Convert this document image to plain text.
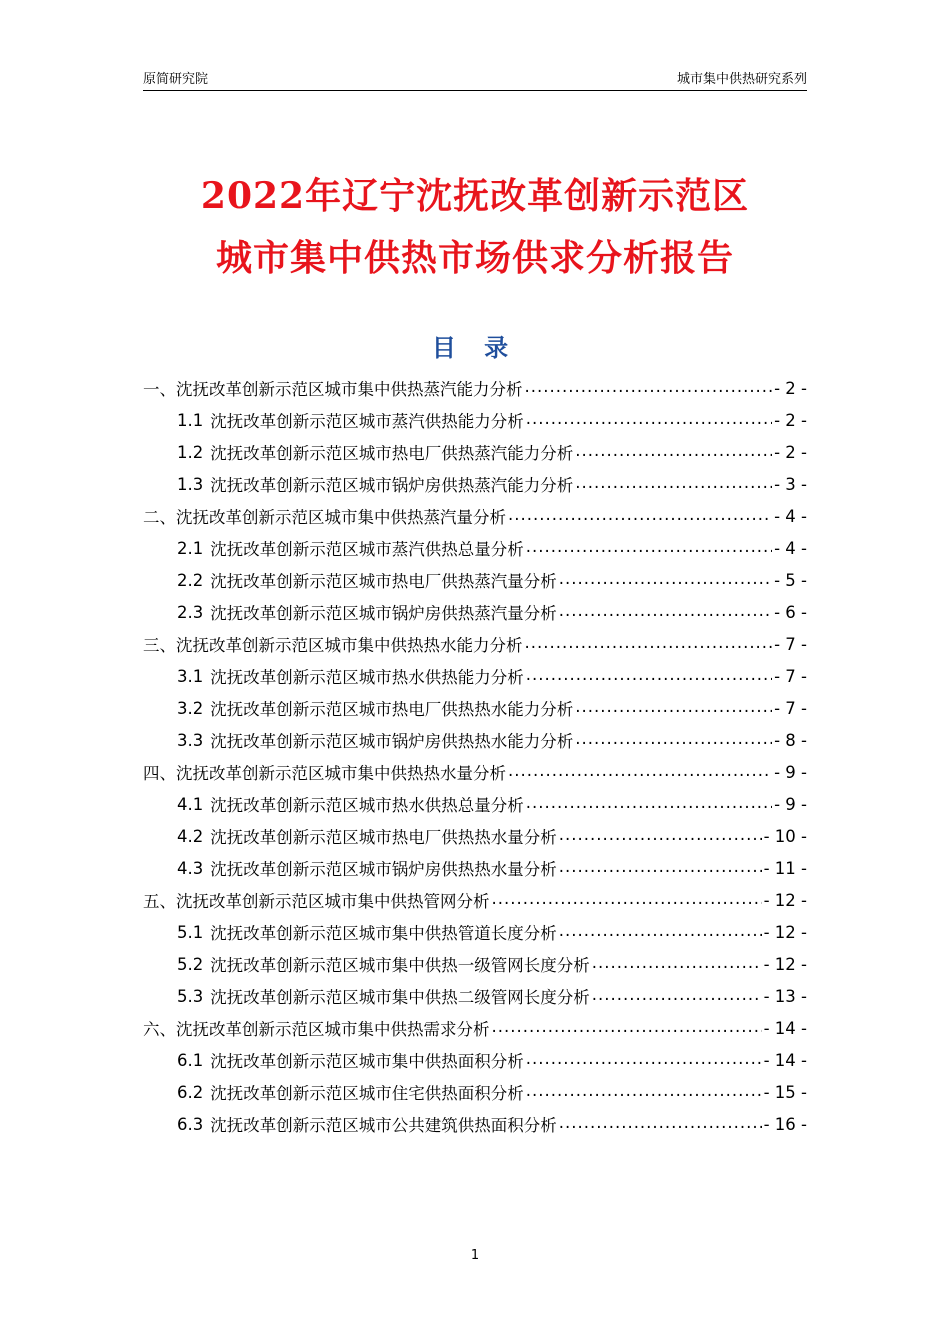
原简研究院	城市集中供热研究系列
2022年辽宁沈抚改革创新示范区
城市集中供热市场供求分析报告
目 录
一、 沈抚改革创新示范区城市集中供热蒸汽能力分析 .....	- 2 -
1.1 沈抚改革创新示范区城市蒸汽供热能力分析 .....	- 2 -
1.2 沈抚改革创新示范区城市热电厂供热蒸汽能力分析 .....	- 2 -
1.3 沈抚改革创新示范区城市锅炉房供热蒸汽能力分析 .....	- 3 -
二、 沈抚改革创新示范区城市集中供热蒸汽量分析 .....	- 4 -
2.1 沈抚改革创新示范区城市蒸汽供热总量分析 .....	- 4 -
2.2 沈抚改革创新示范区城市热电厂供热蒸汽量分析 .....	- 5 -
2.3 沈抚改革创新示范区城市锅炉房供热蒸汽量分析 .....	- 6 -
三、 沈抚改革创新示范区城市集中供热热水能力分析 .....	- 7 -
3.1 沈抚改革创新示范区城市热水供热能力分析 .....	- 7 -
3.2 沈抚改革创新示范区城市热电厂供热热水能力分析 .....	- 7 -
3.3 沈抚改革创新示范区城市锅炉房供热热水能力分析 .....	- 8 -
四、 沈抚改革创新示范区城市集中供热热水量分析 .....	- 9 -
4.1 沈抚改革创新示范区城市热水供热总量分析 .....	- 9 -
4.2 沈抚改革创新示范区城市热电厂供热热水量分析 .....	- 10 -
4.3 沈抚改革创新示范区城市锅炉房供热热水量分析 .....	- 11 -
五、 沈抚改革创新示范区城市集中供热管网分析 .....	- 12 -
5.1 沈抚改革创新示范区城市集中供热管道长度分析 .....	- 12 -
5.2 沈抚改革创新示范区城市集中供热一级管网长度分析 .....	- 12 -
5.3 沈抚改革创新示范区城市集中供热二级管网长度分析 .....	- 13 -
六、 沈抚改革创新示范区城市集中供热需求分析 .....	- 14 -
6.1 沈抚改革创新示范区城市集中供热面积分析 .....	- 14 -
6.2 沈抚改革创新示范区城市住宅供热面积分析 .....	- 15 -
6.3 沈抚改革创新示范区城市公共建筑供热面积分析 .....	- 16 -
1
